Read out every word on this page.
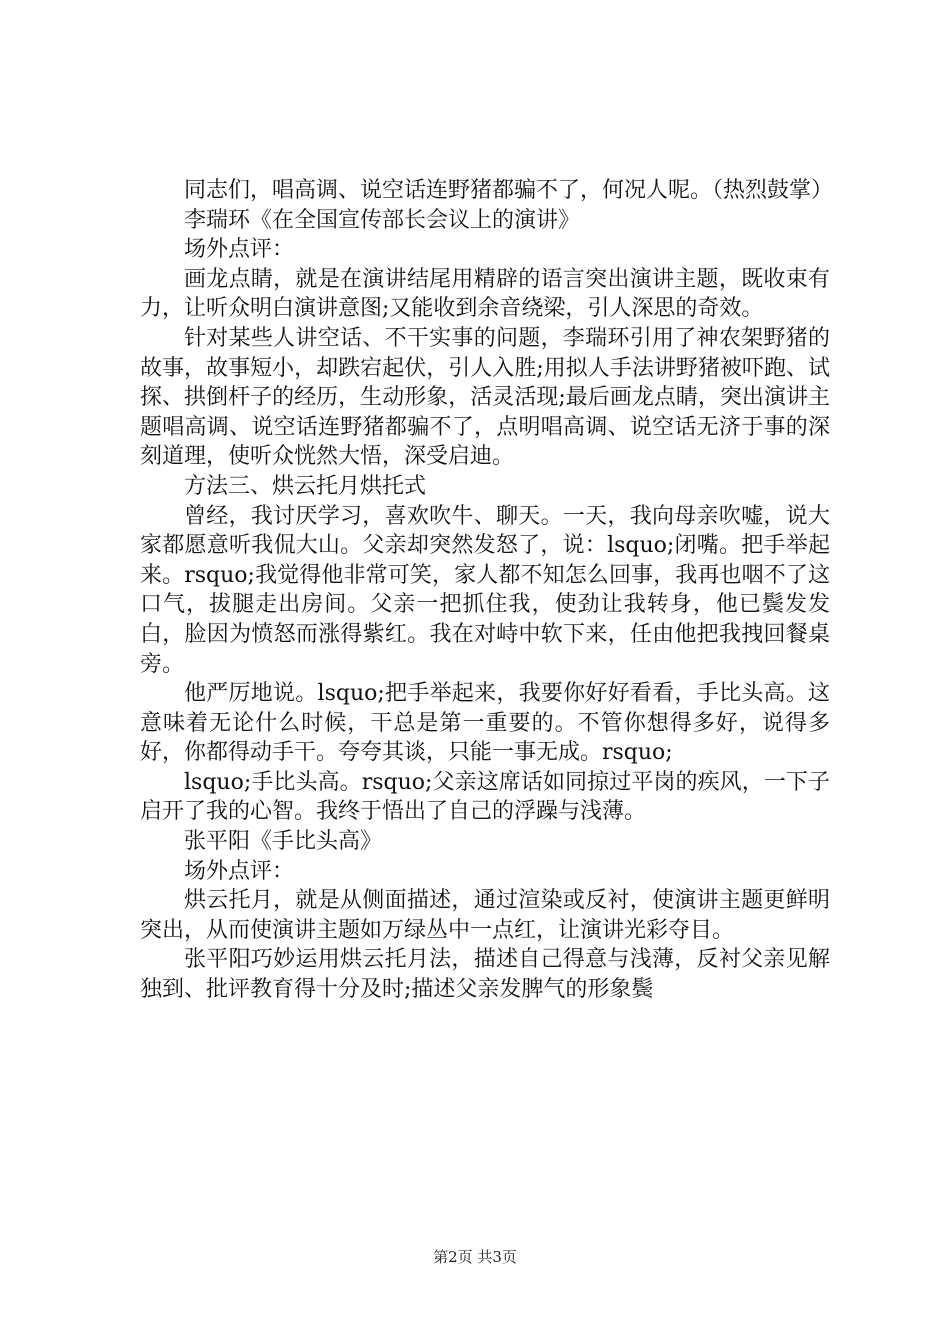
同志们，唱高调、说空话连野猪都骗不了，何况人呢。（热烈鼓掌）

李瑞环《在全国宣传部长会议上的演讲》

场外点评：

画龙点睛，就是在演讲结尾用精辟的语言突出演讲主题，既收束有力，让听众明白演讲意图;又能收到余音绕梁，引人深思的奇效。

针对某些人讲空话、不干实事的问题，李瑞环引用了神农架野猪的故事，故事短小，却跌宕起伏，引人入胜;用拟人手法讲野猪被吓跑、试探、拱倒杆子的经历，生动形象，活灵活现;最后画龙点睛，突出演讲主题唱高调、说空话连野猪都骗不了，点明唱高调、说空话无济于事的深刻道理，使听众恍然大悟，深受启迪。

方法三、烘云托月烘托式

曾经，我讨厌学习，喜欢吹牛、聊天。一天，我向母亲吹嘘，说大家都愿意听我侃大山。父亲却突然发怒了，说：lsquo;闭嘴。把手举起来。rsquo;我觉得他非常可笑，家人都不知怎么回事，我再也咽不了这口气，拔腿走出房间。父亲一把抓住我，使劲让我转身，他已鬓发发白，脸因为愤怒而涨得紫红。我在对峙中软下来，任由他把我拽回餐桌旁。

他严厉地说。lsquo;把手举起来，我要你好好看看，手比头高。这意味着无论什么时候，干总是第一重要的。不管你想得多好，说得多好，你都得动手干。夸夸其谈，只能一事无成。rsquo;

lsquo;手比头高。rsquo;父亲这席话如同掠过平岗的疾风，一下子启开了我的心智。我终于悟出了自己的浮躁与浅薄。

张平阳《手比头高》

场外点评：

烘云托月，就是从侧面描述，通过渲染或反衬，使演讲主题更鲜明突出，从而使演讲主题如万绿丛中一点红，让演讲光彩夺目。

张平阳巧妙运用烘云托月法，描述自己得意与浅薄，反衬父亲见解独到、批评教育得十分及时;描述父亲发脾气的形象鬓

第2页 共3页
